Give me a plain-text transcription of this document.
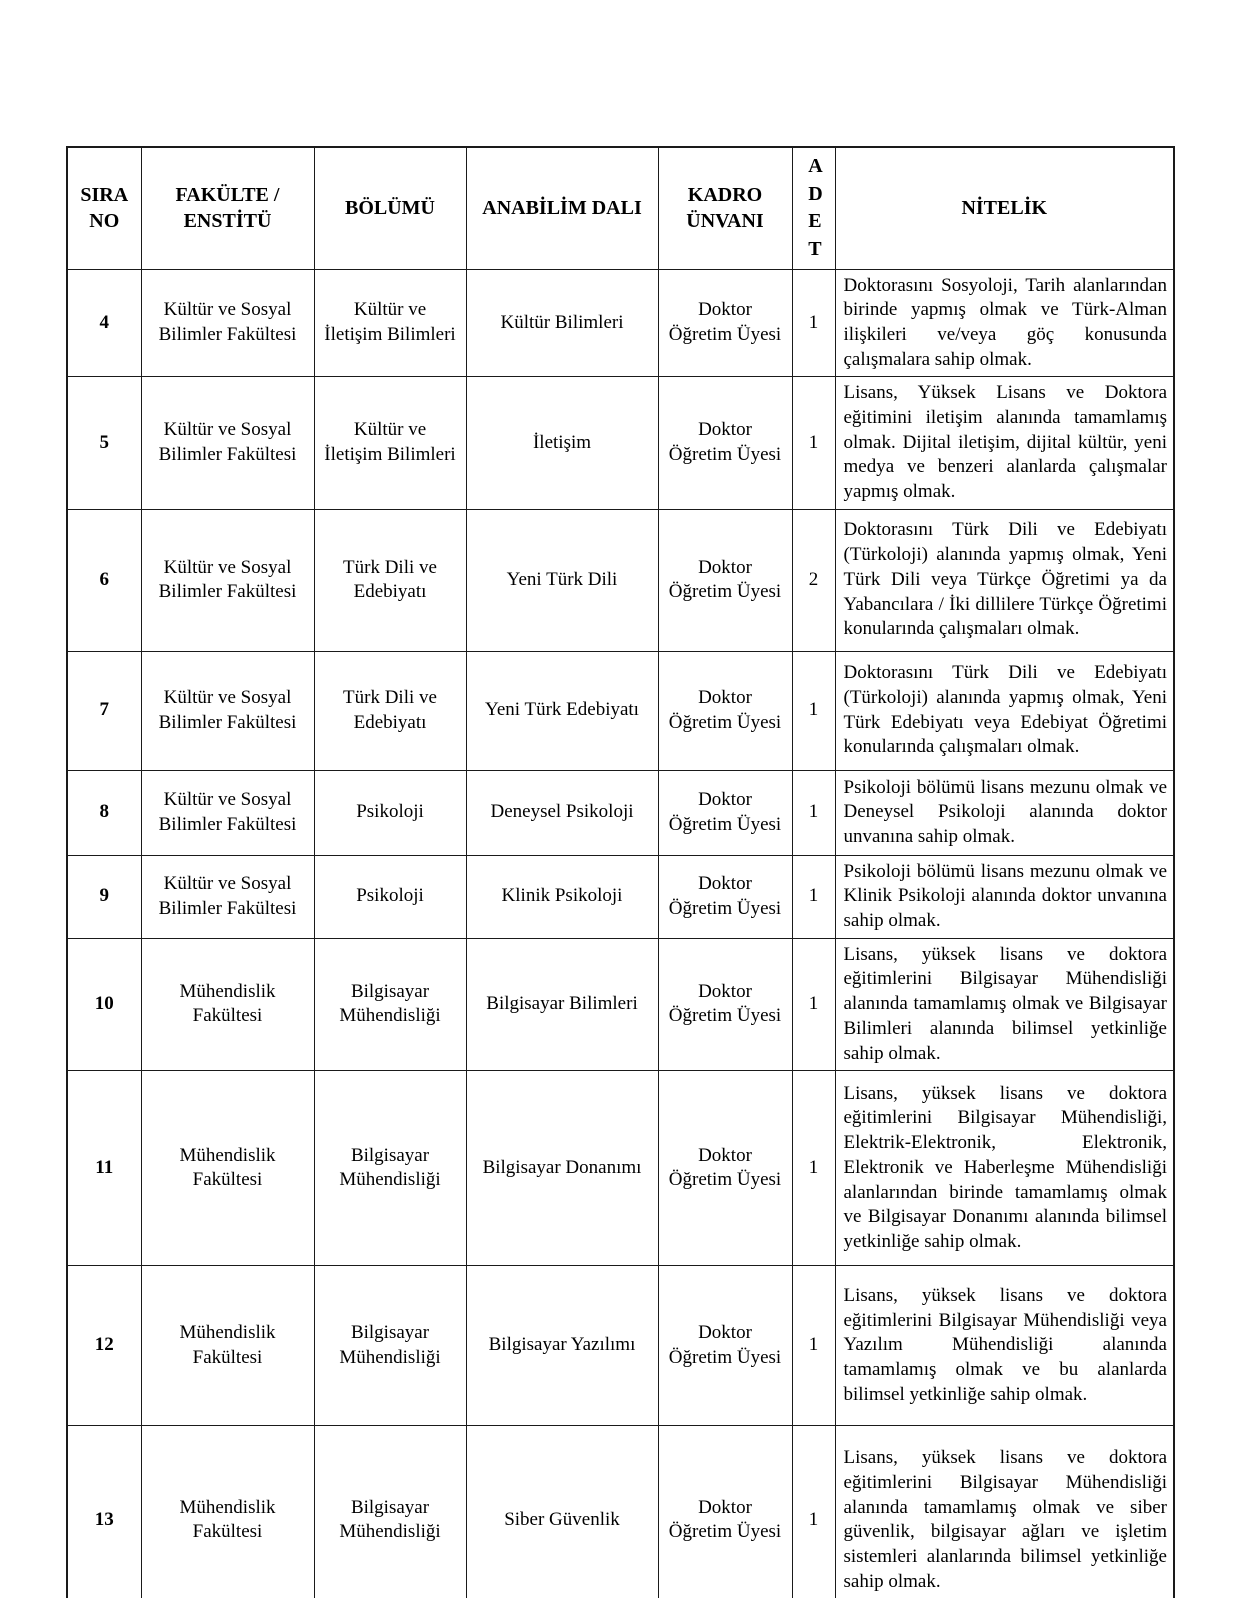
SIRA NO	FAKÜLTE / ENSTİTÜ	BÖLÜMÜ	ANABİLİM DALI	KADRO ÜNVANI	ADET	NİTELİK
4	Kültür ve Sosyal Bilimler Fakültesi	Kültür ve İletişim Bilimleri	Kültür Bilimleri	Doktor Öğretim Üyesi	1	Doktorasını Sosyoloji, Tarih alanlarından birinde yapmış olmak ve Türk-Alman ilişkileri ve/veya göç konusunda çalışmalara sahip olmak.
5	Kültür ve Sosyal Bilimler Fakültesi	Kültür ve İletişim Bilimleri	İletişim	Doktor Öğretim Üyesi	1	Lisans, Yüksek Lisans ve Doktora eğitimini iletişim alanında tamamlamış olmak. Dijital iletişim, dijital kültür, yeni medya ve benzeri alanlarda çalışmalar yapmış olmak.
6	Kültür ve Sosyal Bilimler Fakültesi	Türk Dili ve Edebiyatı	Yeni Türk Dili	Doktor Öğretim Üyesi	2	Doktorasını Türk Dili ve Edebiyatı (Türkoloji) alanında yapmış olmak, Yeni Türk Dili veya Türkçe Öğretimi ya da Yabancılara / İki dillilere Türkçe Öğretimi konularında çalışmaları olmak.
7	Kültür ve Sosyal Bilimler Fakültesi	Türk Dili ve Edebiyatı	Yeni Türk Edebiyatı	Doktor Öğretim Üyesi	1	Doktorasını Türk Dili ve Edebiyatı (Türkoloji) alanında yapmış olmak, Yeni Türk Edebiyatı veya Edebiyat Öğretimi konularında çalışmaları olmak.
8	Kültür ve Sosyal Bilimler Fakültesi	Psikoloji	Deneysel Psikoloji	Doktor Öğretim Üyesi	1	Psikoloji bölümü lisans mezunu olmak ve Deneysel Psikoloji alanında doktor unvanına sahip olmak.
9	Kültür ve Sosyal Bilimler Fakültesi	Psikoloji	Klinik Psikoloji	Doktor Öğretim Üyesi	1	Psikoloji bölümü lisans mezunu olmak ve Klinik Psikoloji alanında doktor unvanına sahip olmak.
10	Mühendislik Fakültesi	Bilgisayar Mühendisliği	Bilgisayar Bilimleri	Doktor Öğretim Üyesi	1	Lisans, yüksek lisans ve doktora eğitimlerini Bilgisayar Mühendisliği alanında tamamlamış olmak ve Bilgisayar Bilimleri alanında bilimsel yetkinliğe sahip olmak.
11	Mühendislik Fakültesi	Bilgisayar Mühendisliği	Bilgisayar Donanımı	Doktor Öğretim Üyesi	1	Lisans, yüksek lisans ve doktora eğitimlerini Bilgisayar Mühendisliği, Elektrik-Elektronik, Elektronik, Elektronik ve Haberleşme Mühendisliği alanlarından birinde tamamlamış olmak ve Bilgisayar Donanımı alanında bilimsel yetkinliğe sahip olmak.
12	Mühendislik Fakültesi	Bilgisayar Mühendisliği	Bilgisayar Yazılımı	Doktor Öğretim Üyesi	1	Lisans, yüksek lisans ve doktora eğitimlerini Bilgisayar Mühendisliği veya Yazılım Mühendisliği alanında tamamlamış olmak ve bu alanlarda bilimsel yetkinliğe sahip olmak.
13	Mühendislik Fakültesi	Bilgisayar Mühendisliği	Siber Güvenlik	Doktor Öğretim Üyesi	1	Lisans, yüksek lisans ve doktora eğitimlerini Bilgisayar Mühendisliği alanında tamamlamış olmak ve siber güvenlik, bilgisayar ağları ve işletim sistemleri alanlarında bilimsel yetkinliğe sahip olmak.
